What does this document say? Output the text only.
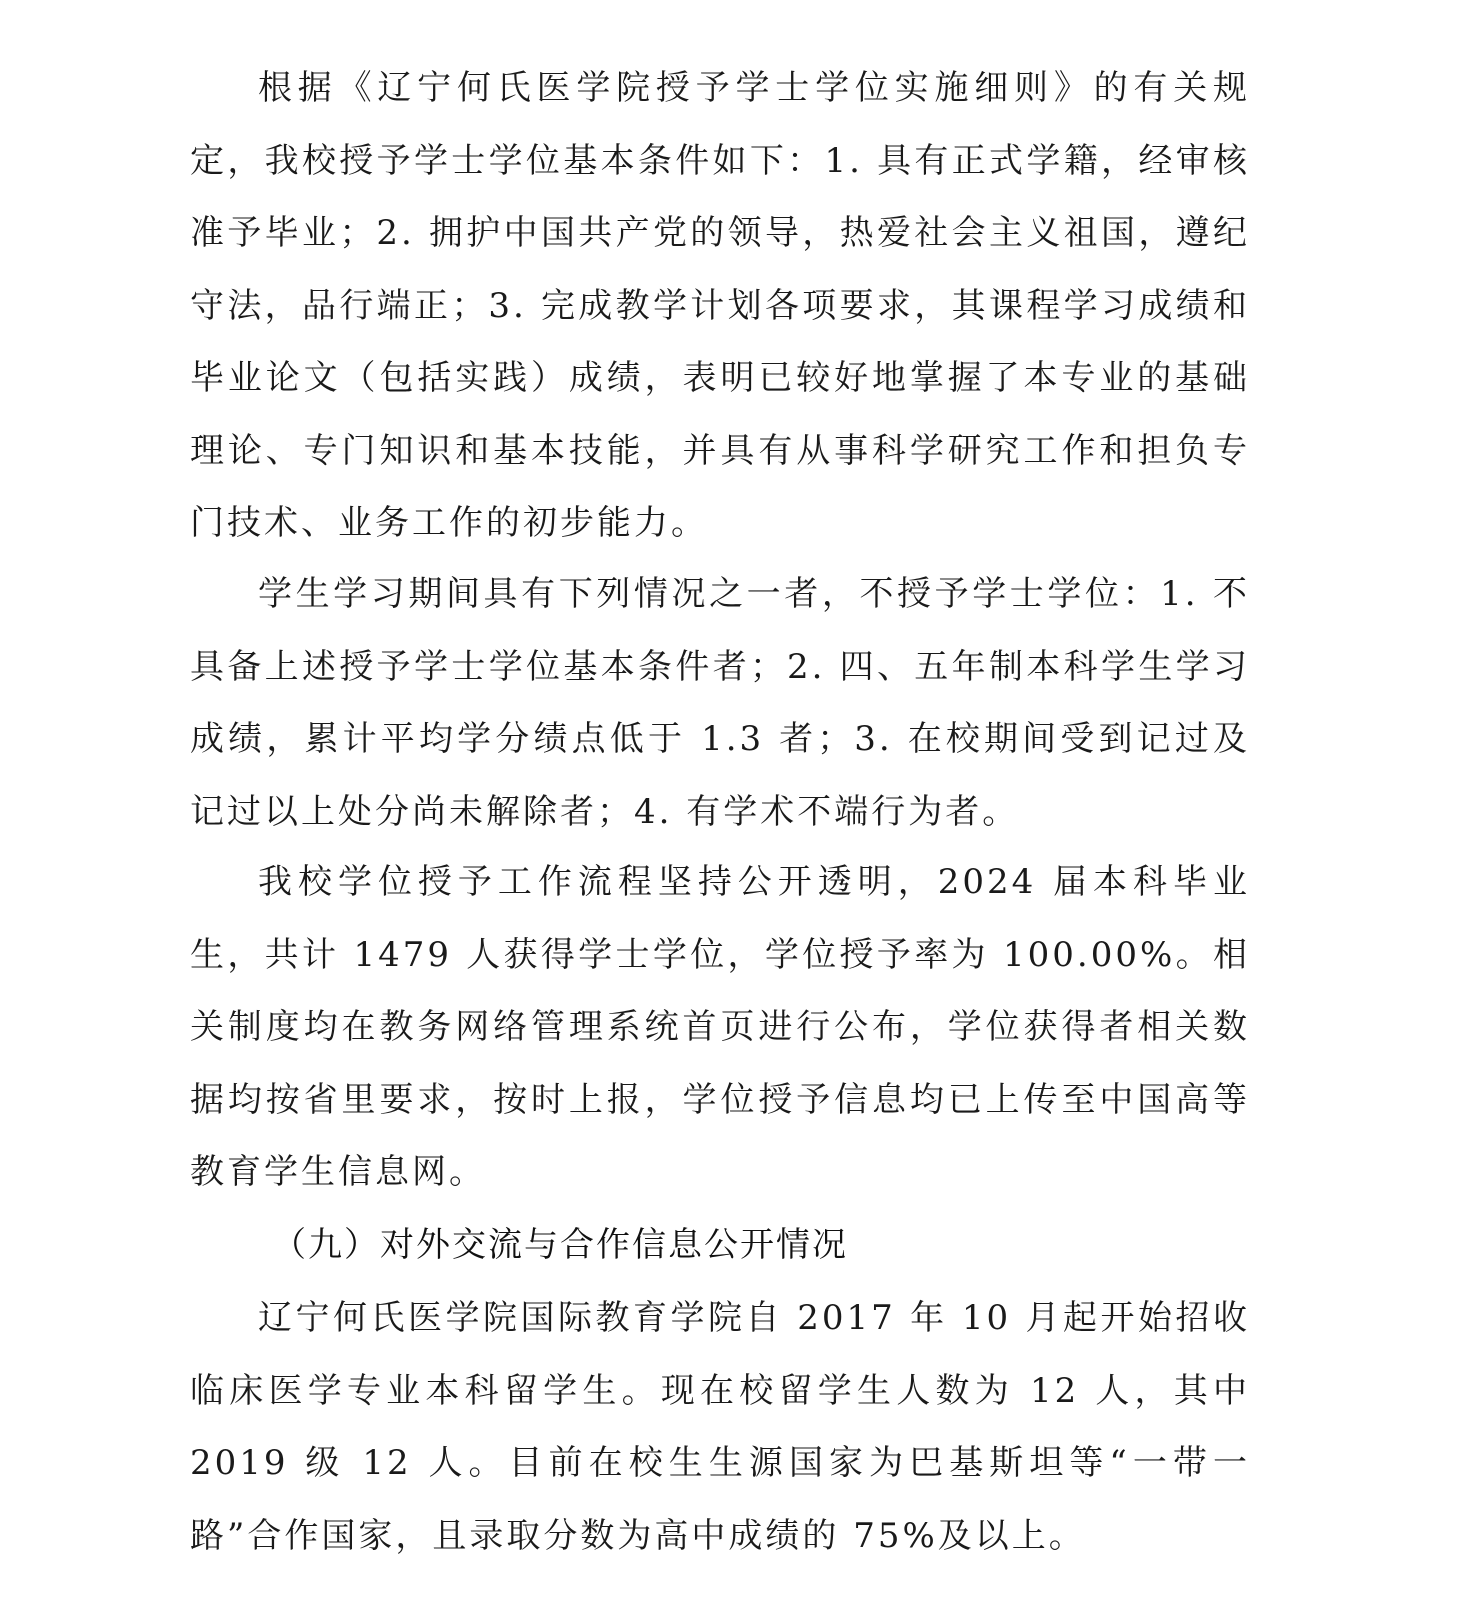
根据《辽宁何氏医学院授予学士学位实施细则》的有关规定，我校授予学士学位基本条件如下：1. 具有正式学籍，经审核准予毕业；2. 拥护中国共产党的领导，热爱社会主义祖国，遵纪守法，品行端正；3. 完成教学计划各项要求，其课程学习成绩和毕业论文（包括实践）成绩，表明已较好地掌握了本专业的基础理论、专门知识和基本技能，并具有从事科学研究工作和担负专门技术、业务工作的初步能力。

学生学习期间具有下列情况之一者，不授予学士学位：1. 不具备上述授予学士学位基本条件者；2. 四、五年制本科学生学习成绩，累计平均学分绩点低于 1.3 者；3. 在校期间受到记过及记过以上处分尚未解除者；4. 有学术不端行为者。

我校学位授予工作流程坚持公开透明，2024 届本科毕业生，共计 1479 人获得学士学位，学位授予率为 100.00%。相关制度均在教务网络管理系统首页进行公布，学位获得者相关数据均按省里要求，按时上报，学位授予信息均已上传至中国高等教育学生信息网。

（九）对外交流与合作信息公开情况

辽宁何氏医学院国际教育学院自 2017 年 10 月起开始招收临床医学专业本科留学生。现在校留学生人数为 12 人，其中 2019 级 12 人。目前在校生生源国家为巴基斯坦等“一带一路”合作国家，且录取分数为高中成绩的 75%及以上。
